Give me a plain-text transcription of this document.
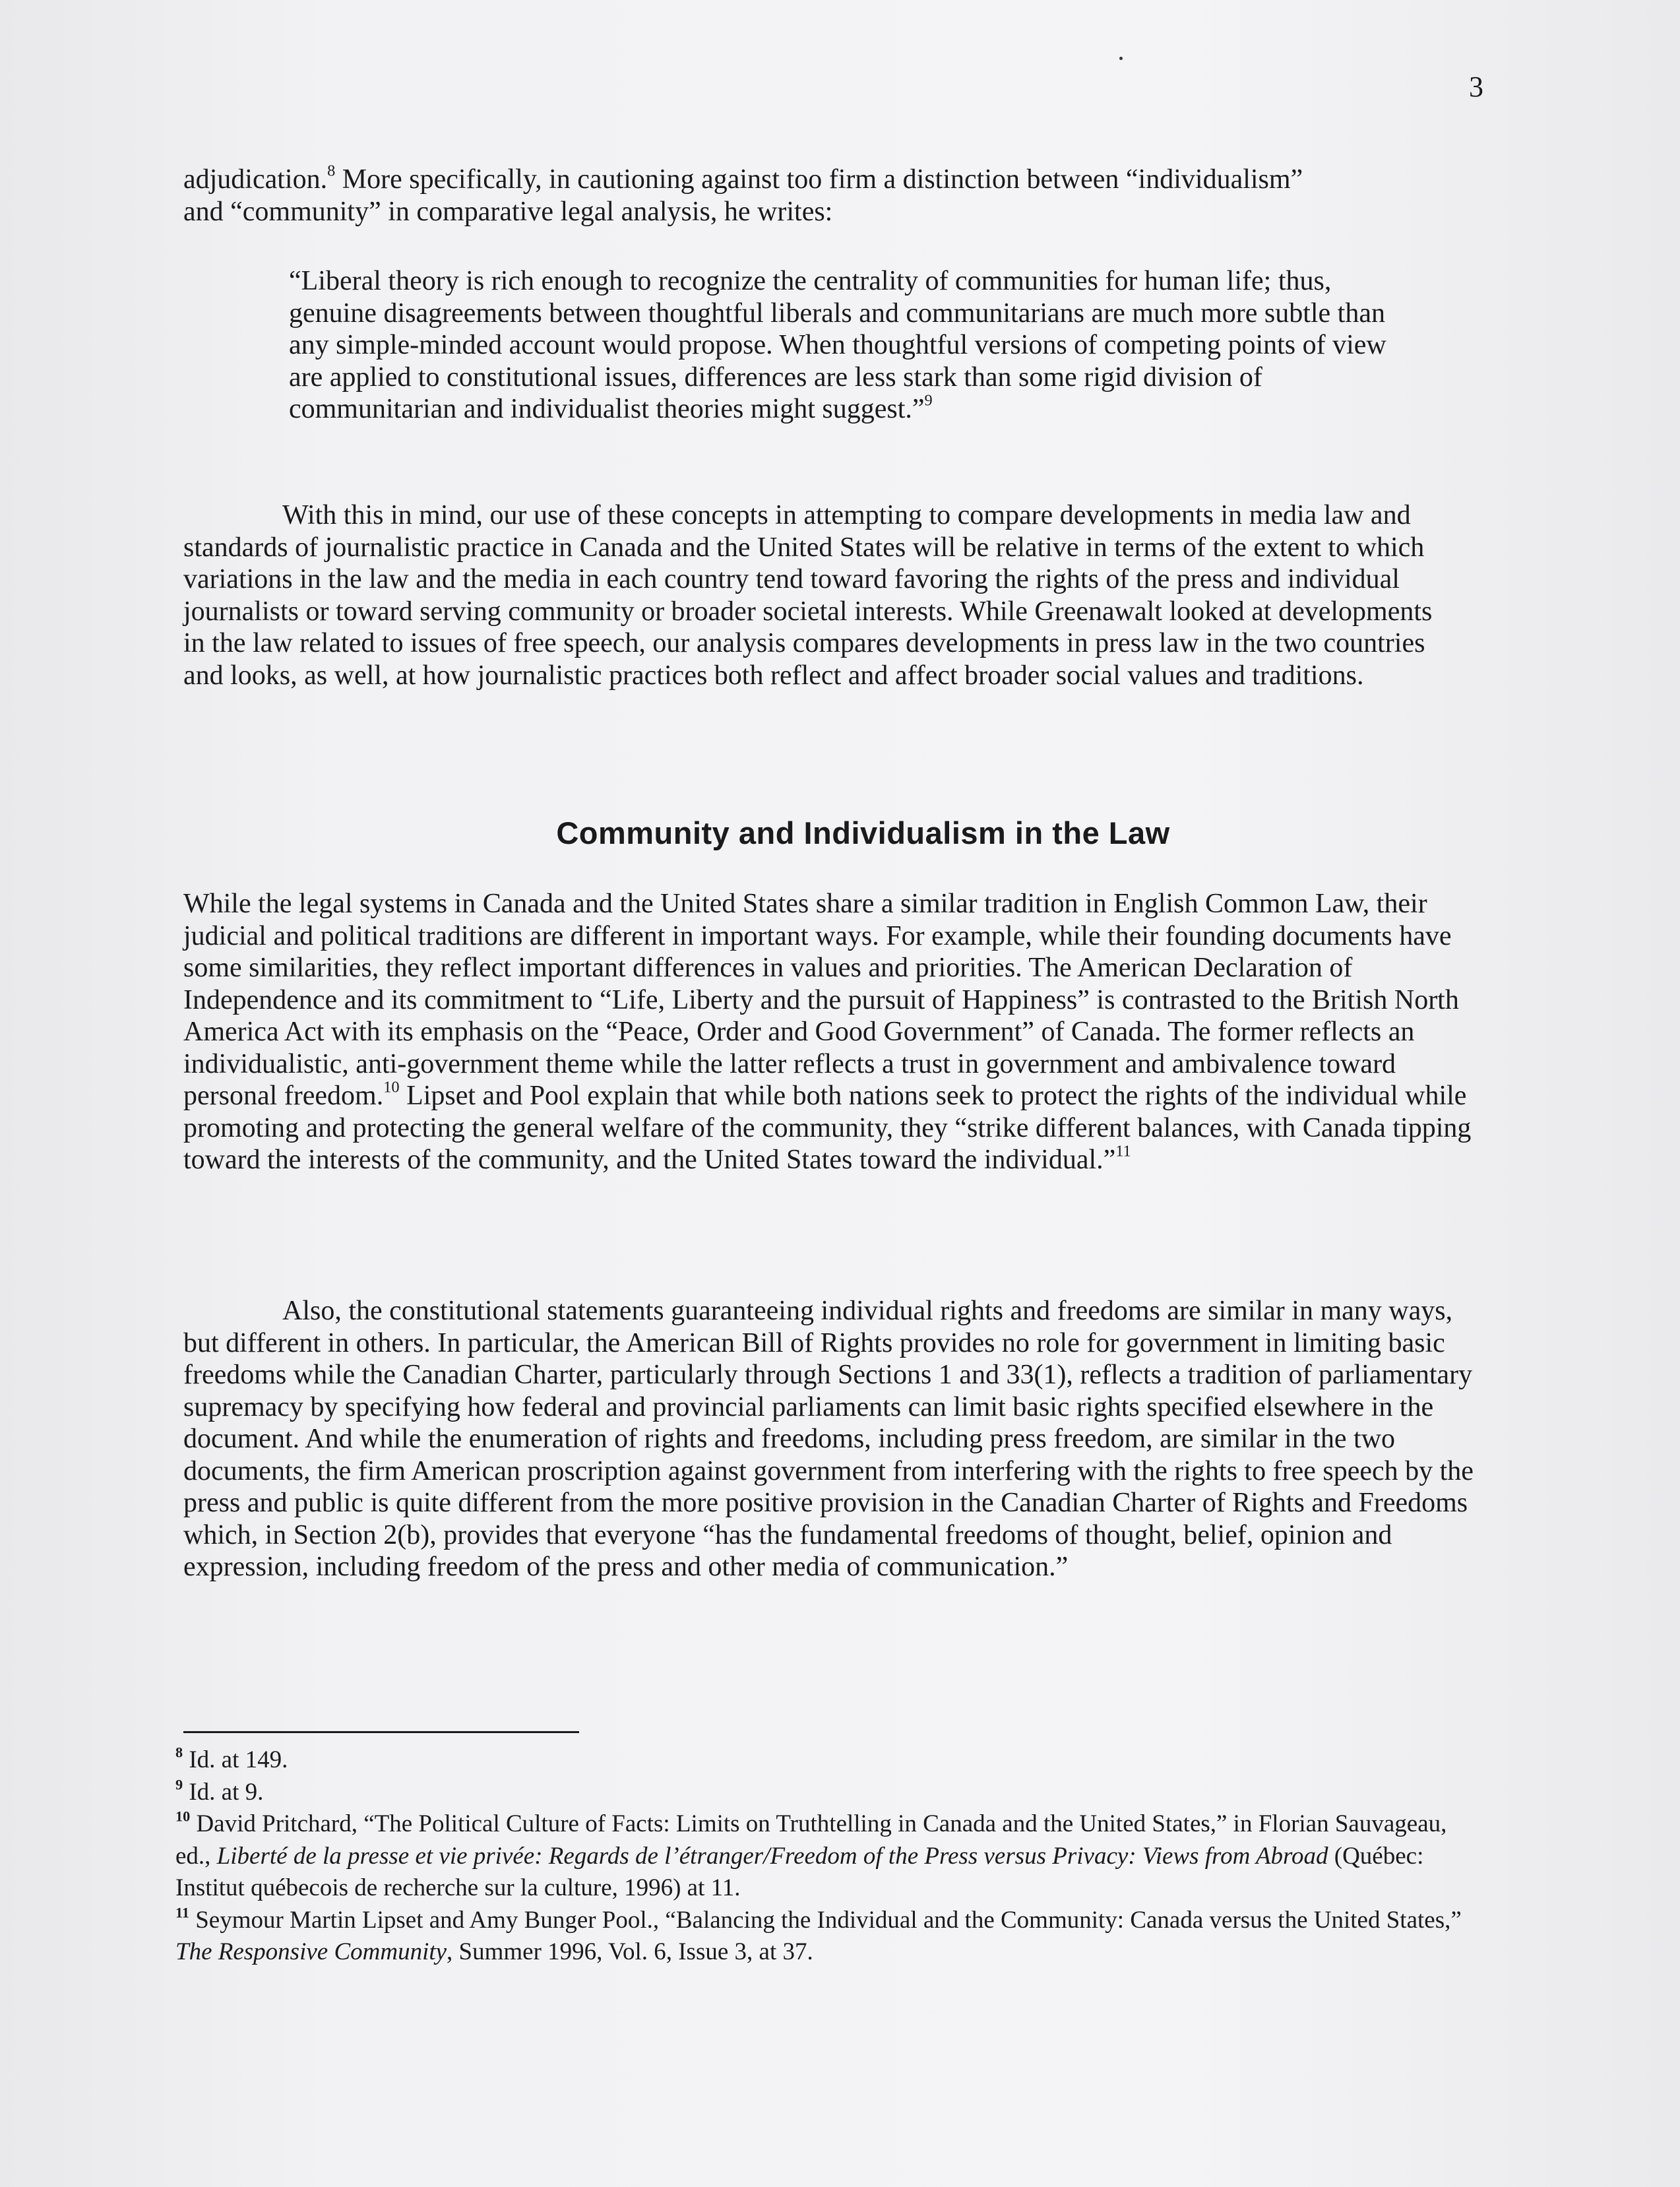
3

adjudication.$^8$ More specifically, in cautioning against too firm a distinction between “individualism” and “community” in comparative legal analysis, he writes:

“Liberal theory is rich enough to recognize the centrality of communities for human life; thus, genuine disagreements between thoughtful liberals and communitarians are much more subtle than any simple-minded account would propose. When thoughtful versions of competing points of view are applied to constitutional issues, differences are less stark than some rigid division of communitarian and individualist theories might suggest.”$^9$

With this in mind, our use of these concepts in attempting to compare developments in media law and standards of journalistic practice in Canada and the United States will be relative in terms of the extent to which variations in the law and the media in each country tend toward favoring the rights of the press and individual journalists or toward serving community or broader societal interests. While Greenawalt looked at developments in the law related to issues of free speech, our analysis compares developments in press law in the two countries and looks, as well, at how journalistic practices both reflect and affect broader social values and traditions.

Community and Individualism in the Law

While the legal systems in Canada and the United States share a similar tradition in English Common Law, their judicial and political traditions are different in important ways. For example, while their founding documents have some similarities, they reflect important differences in values and priorities. The American Declaration of Independence and its commitment to “Life, Liberty and the pursuit of Happiness” is contrasted to the British North America Act with its emphasis on the “Peace, Order and Good Government” of Canada. The former reflects an individualistic, anti-government theme while the latter reflects a trust in government and ambivalence toward personal freedom.$^{10}$ Lipset and Pool explain that while both nations seek to protect the rights of the individual while promoting and protecting the general welfare of the community, they “strike different balances, with Canada tipping toward the interests of the community, and the United States toward the individual.”$^{11}$

Also, the constitutional statements guaranteeing individual rights and freedoms are similar in many ways, but different in others. In particular, the American Bill of Rights provides no role for government in limiting basic freedoms while the Canadian Charter, particularly through Sections 1 and 33(1), reflects a tradition of parliamentary supremacy by specifying how federal and provincial parliaments can limit basic rights specified elsewhere in the document. And while the enumeration of rights and freedoms, including press freedom, are similar in the two documents, the firm American proscription against government from interfering with the rights to free speech by the press and public is quite different from the more positive provision in the Canadian Charter of Rights and Freedoms which, in Section 2(b), provides that everyone “has the fundamental freedoms of thought, belief, opinion and expression, including freedom of the press and other media of communication.”

$^8$ Id. at 149.

$^9$ Id. at 9.

$^{10}$ David Pritchard, “The Political Culture of Facts: Limits on Truthtelling in Canada and the United States,” in Florian Sauvageau, ed., Liberté de la presse et vie privée: Regards de l’étranger/Freedom of the Press versus Privacy: Views from Abroad (Québec: Institut québecois de recherche sur la culture, 1996) at 11.

$^{11}$ Seymour Martin Lipset and Amy Bunger Pool., “Balancing the Individual and the Community: Canada versus the United States,” The Responsive Community, Summer 1996, Vol. 6, Issue 3, at 37.
